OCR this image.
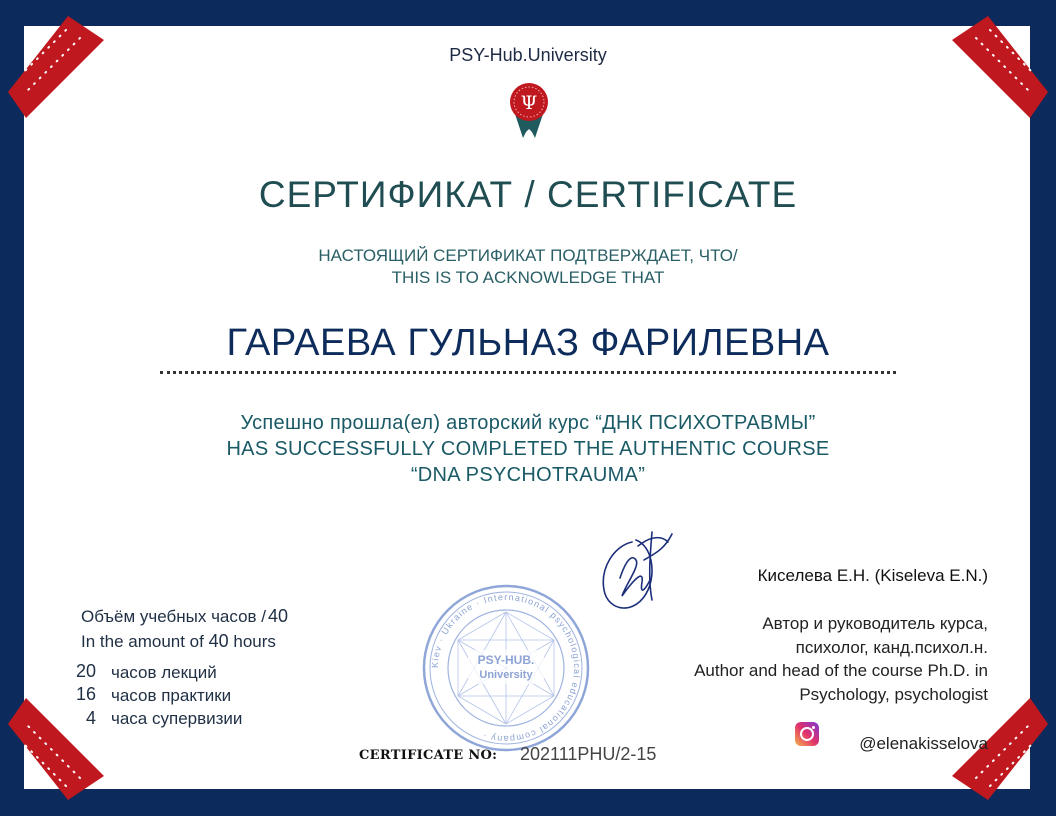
PSY-Hub.University
Ψ
СЕРТИФИКАТ / CERTIFICATE
НАСТОЯЩИЙ СЕРТИФИКАТ ПОДТВЕРЖДАЕТ, ЧТО/
THIS IS TO ACKNOWLEDGE THAT
ГАРАЕВА ГУЛЬНАЗ ФАРИЛЕВНА
Успешно прошла(ел) авторский курс “ДНК ПСИХОТРАВМЫ”
HAS SUCCESSFULLY COMPLETED THE AUTHENTIC COURSE
“DNA PSYCHOTRAUMA”
Объём учебных часов / 40
In the amount of 40 hours
20 часов лекций
16 часов практики
4 часа супервизии
PSY-HUB.
University
Kiev · Ukraine · International psychological educational company ·
CERTIFICATE NO: 202111PHU/2-15
Киселева Е.Н. (Kiseleva E.N.)
Автор и руководитель курса,
психолог, канд.психол.н.
Author and head of the course Ph.D. in
Psychology, psychologist
@elenakisselova
